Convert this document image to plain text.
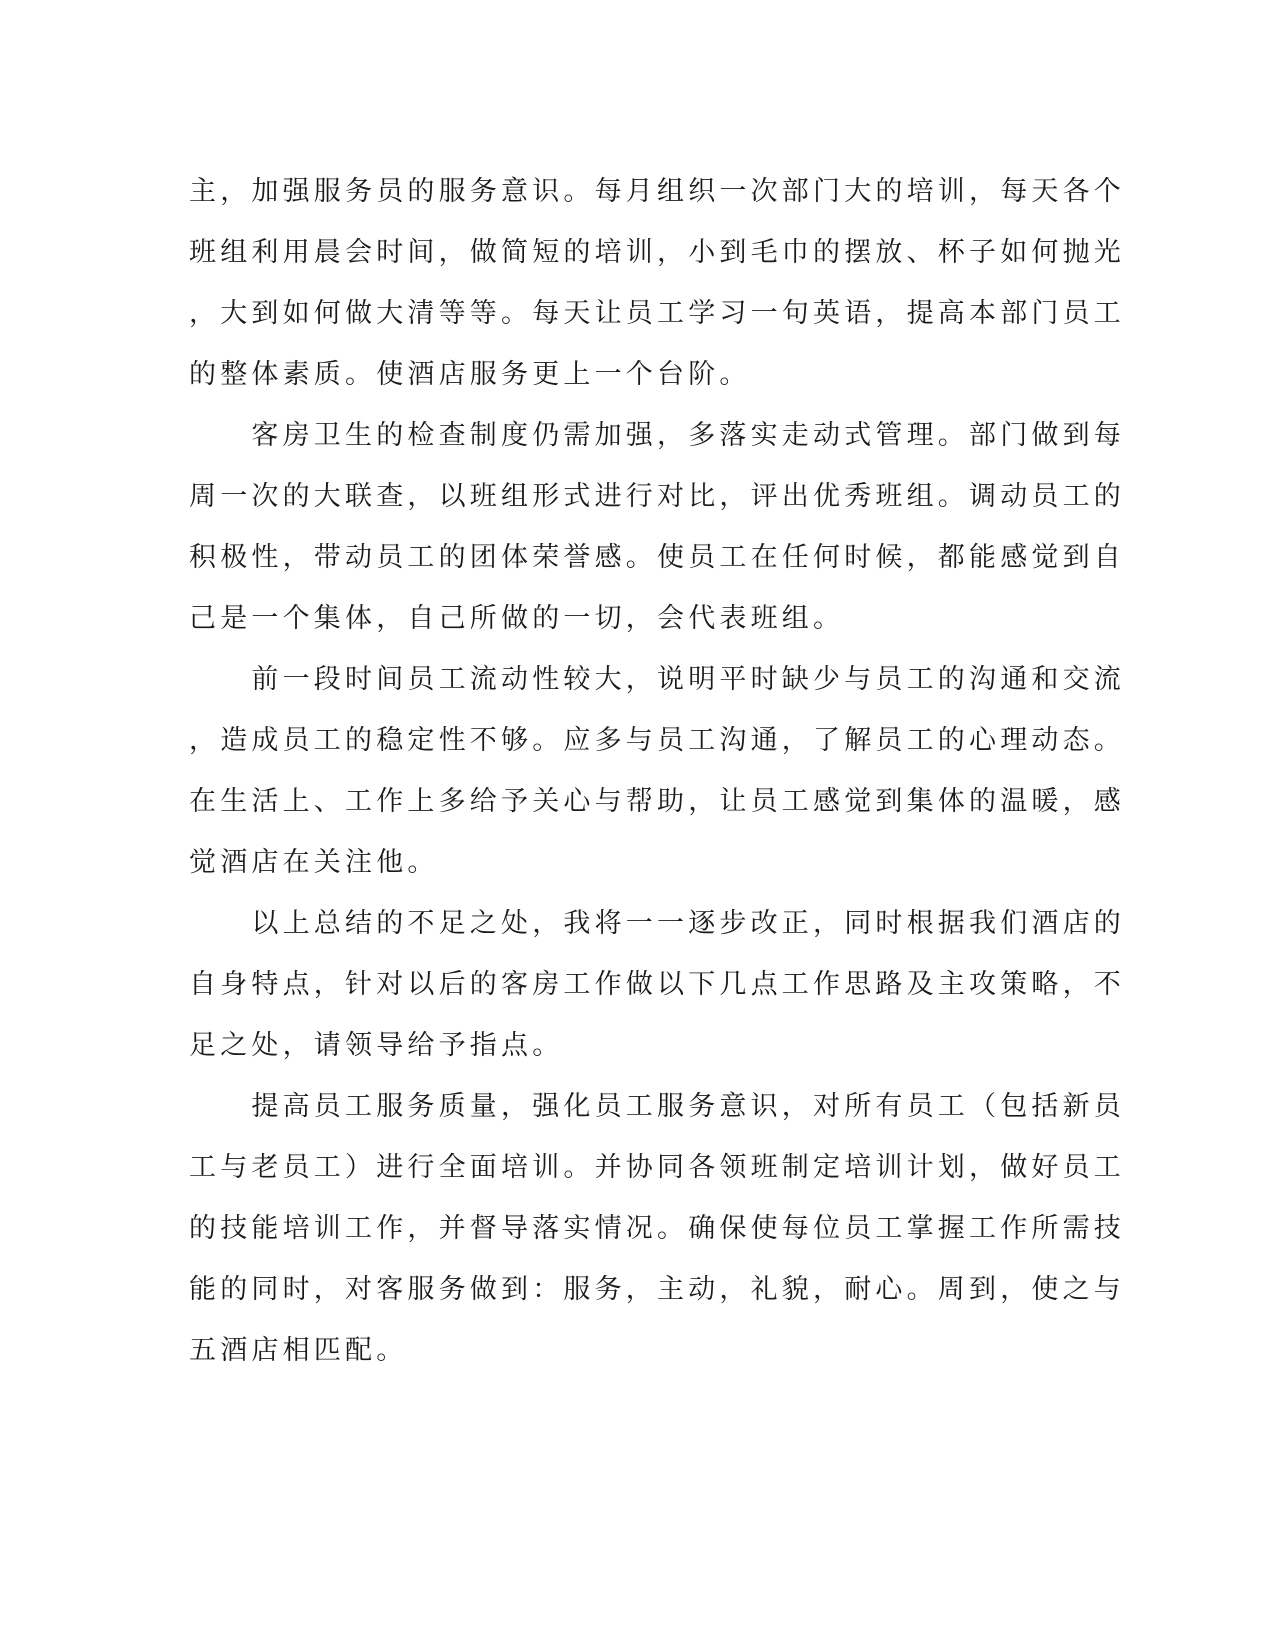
主，加强服务员的服务意识。每月组织一次部门大的培训，每天各个
班组利用晨会时间，做简短的培训，小到毛巾的摆放、杯子如何抛光
，大到如何做大清等等。每天让员工学习一句英语，提高本部门员工
的整体素质。使酒店服务更上一个台阶。
　　客房卫生的检查制度仍需加强，多落实走动式管理。部门做到每
周一次的大联查，以班组形式进行对比，评出优秀班组。调动员工的
积极性，带动员工的团体荣誉感。使员工在任何时候，都能感觉到自
己是一个集体，自己所做的一切，会代表班组。
　　前一段时间员工流动性较大，说明平时缺少与员工的沟通和交流
，造成员工的稳定性不够。应多与员工沟通，了解员工的心理动态。
在生活上、工作上多给予关心与帮助，让员工感觉到集体的温暖，感
觉酒店在关注他。
　　以上总结的不足之处，我将一一逐步改正，同时根据我们酒店的
自身特点，针对以后的客房工作做以下几点工作思路及主攻策略，不
足之处，请领导给予指点。
　　提高员工服务质量，强化员工服务意识，对所有员工（包括新员
工与老员工）进行全面培训。并协同各领班制定培训计划，做好员工
的技能培训工作，并督导落实情况。确保使每位员工掌握工作所需技
能的同时，对客服务做到：服务，主动，礼貌，耐心。周到，使之与
五酒店相匹配。
